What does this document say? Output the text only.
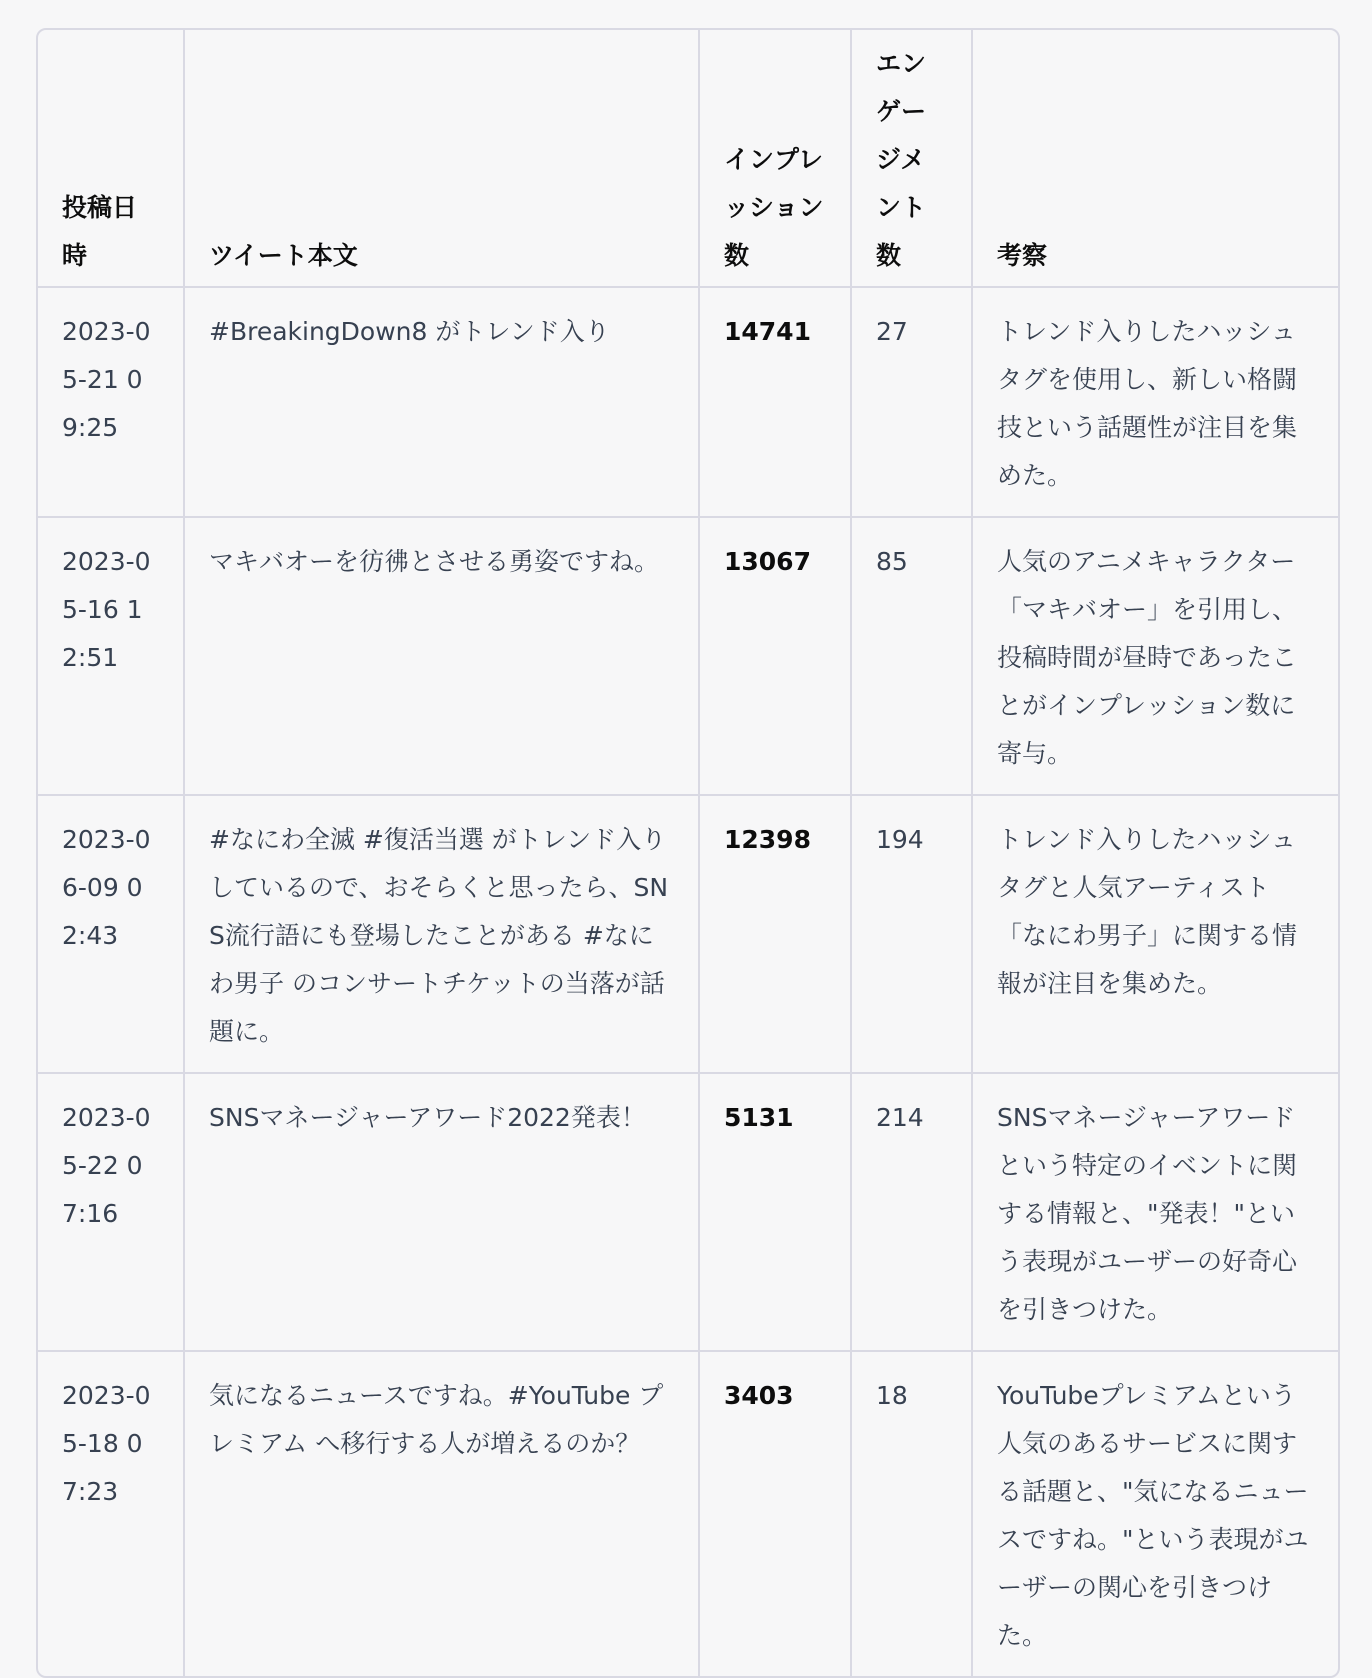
投稿日時	ツイート本文	インプレッション数	エンゲージメント数	考察
2023-05-21 09:25	#BreakingDown8 がトレンド入り	14741	27	トレンド入りしたハッシュタグを使用し、新しい格闘技という話題性が注目を集めた。
2023-05-16 12:51	マキバオーを彷彿とさせる勇姿ですね。	13067	85	人気のアニメキャラクター「マキバオー」を引用し、投稿時間が昼時であったことがインプレッション数に寄与。
2023-06-09 02:43	#なにわ全滅 #復活当選 がトレンド入りしているので、おそらくと思ったら、SNS流行語にも登場したことがある #なにわ男子 のコンサートチケットの当落が話題に。	12398	194	トレンド入りしたハッシュタグと人気アーティスト「なにわ男子」に関する情報が注目を集めた。
2023-05-22 07:16	SNSマネージャーアワード2022発表！	5131	214	SNSマネージャーアワードという特定のイベントに関する情報と、"発表！"という表現がユーザーの好奇心を引きつけた。
2023-05-18 07:23	気になるニュースですね。#YouTube プレミアム へ移行する人が増えるのか？	3403	18	YouTubeプレミアムという人気のあるサービスに関する話題と、"気になるニュースですね。"という表現がユーザーの関心を引きつけた。
